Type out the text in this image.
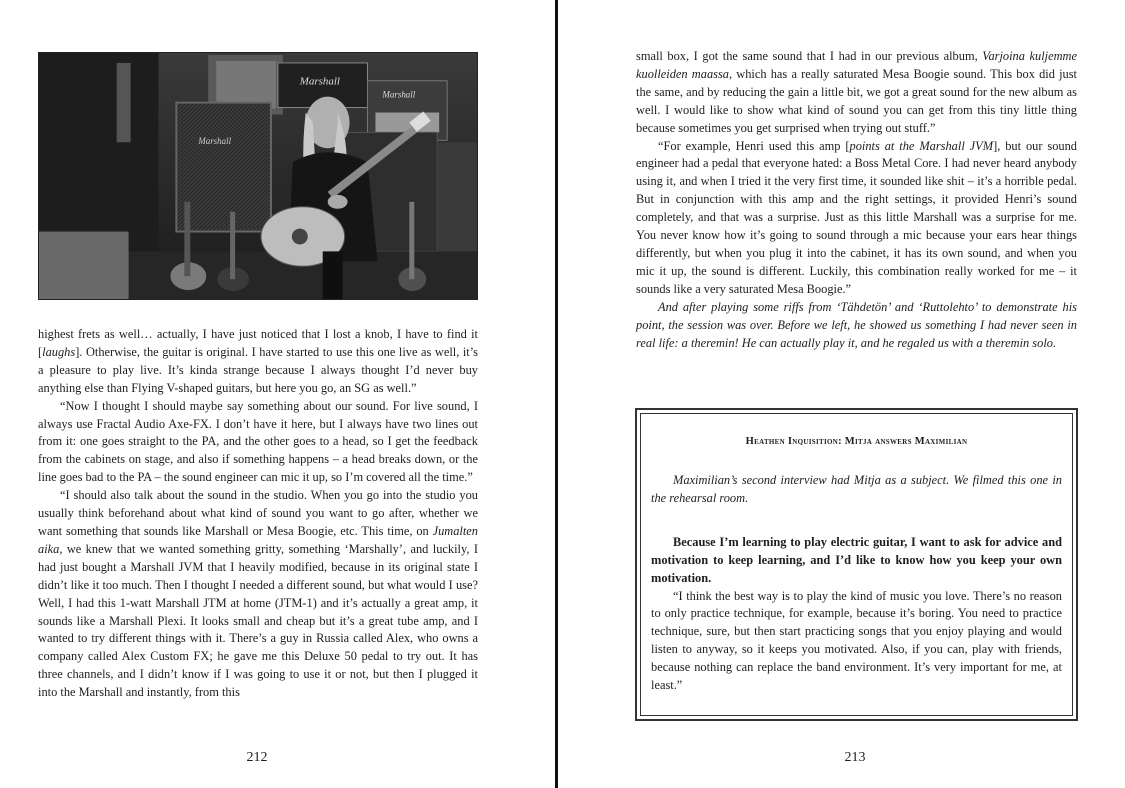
Marshall
Marshall
Marshall

highest frets as well… actually, I have just noticed that I lost a knob, I have to find it [laughs]. Otherwise, the guitar is original. I have started to use this one live as well, it’s a pleasure to play live. It’s kinda strange because I always thought I’d never buy anything else than Flying V-shaped guitars, but here you go, an SG as well.”

“Now I thought I should maybe say something about our sound. For live sound, I always use Fractal Audio Axe-FX. I don’t have it here, but I always have two lines out from it: one goes straight to the PA, and the other goes to a head, so I get the feedback from the cabinets on stage, and also if something happens – a head breaks down, or the line goes bad to the PA – the sound engineer can mic it up, so I’m covered all the time.”

“I should also talk about the sound in the studio. When you go into the studio you usually think beforehand about what kind of sound you want to go after, whether we want something that sounds like Marshall or Mesa Boogie, etc. This time, on Jumalten aika, we knew that we wanted something gritty, something ‘Marshally’, and luckily, I had just bought a Marshall JVM that I heavily modified, because in its original state I didn’t like it too much. Then I thought I needed a different sound, but what would I use? Well, I had this 1-watt Marshall JTM at home (JTM-1) and it’s actually a great amp, it sounds like a Marshall Plexi. It looks small and cheap but it’s a great tube amp, and I wanted to try different things with it. There’s a guy in Russia called Alex, who owns a company called Alex Custom FX; he gave me this Deluxe 50 pedal to try out. It has three channels, and I didn’t know if I was going to use it or not, but then I plugged it into the Marshall and instantly, from this

212

small box, I got the same sound that I had in our previous album, Varjoina kuljemme kuolleiden maassa, which has a really saturated Mesa Boogie sound. This box did just the same, and by reducing the gain a little bit, we got a great sound for the new album as well. I would like to show what kind of sound you can get from this tiny little thing because sometimes you get surprised when trying out stuff.”

“For example, Henri used this amp [points at the Marshall JVM], but our sound engineer had a pedal that everyone hated: a Boss Metal Core. I had never heard anybody using it, and when I tried it the very first time, it sounded like shit – it’s a horrible pedal. But in conjunction with this amp and the right settings, it provided Henri’s sound completely, and that was a surprise. Just as this little Marshall was a surprise for me. You never know how it’s going to sound through a mic because your ears hear things differently, but when you plug it into the cabinet, it has its own sound, and when you mic it up, the sound is different. Luckily, this combination really worked for me – it sounds like a very saturated Mesa Boogie.”

And after playing some riffs from ‘Tähdetön’ and ‘Ruttolehto’ to demonstrate his point, the session was over. Before we left, he showed us something I had never seen in real life: a theremin! He can actually play it, and he regaled us with a theremin solo.

Heathen Inquisition: Mitja answers Maximilian

Maximilian’s second interview had Mitja as a subject. We filmed this one in the rehearsal room.

Because I’m learning to play electric guitar, I want to ask for advice and motivation to keep learning, and I’d like to know how you keep your own motivation.

“I think the best way is to play the kind of music you love. There’s no reason to only practice technique, for example, because it’s boring. You need to practice technique, sure, but then start practicing songs that you enjoy playing and would listen to anyway, so it keeps you motivated. Also, if you can, play with friends, because nothing can replace the band environment. It’s very important for me, at least.”

213
